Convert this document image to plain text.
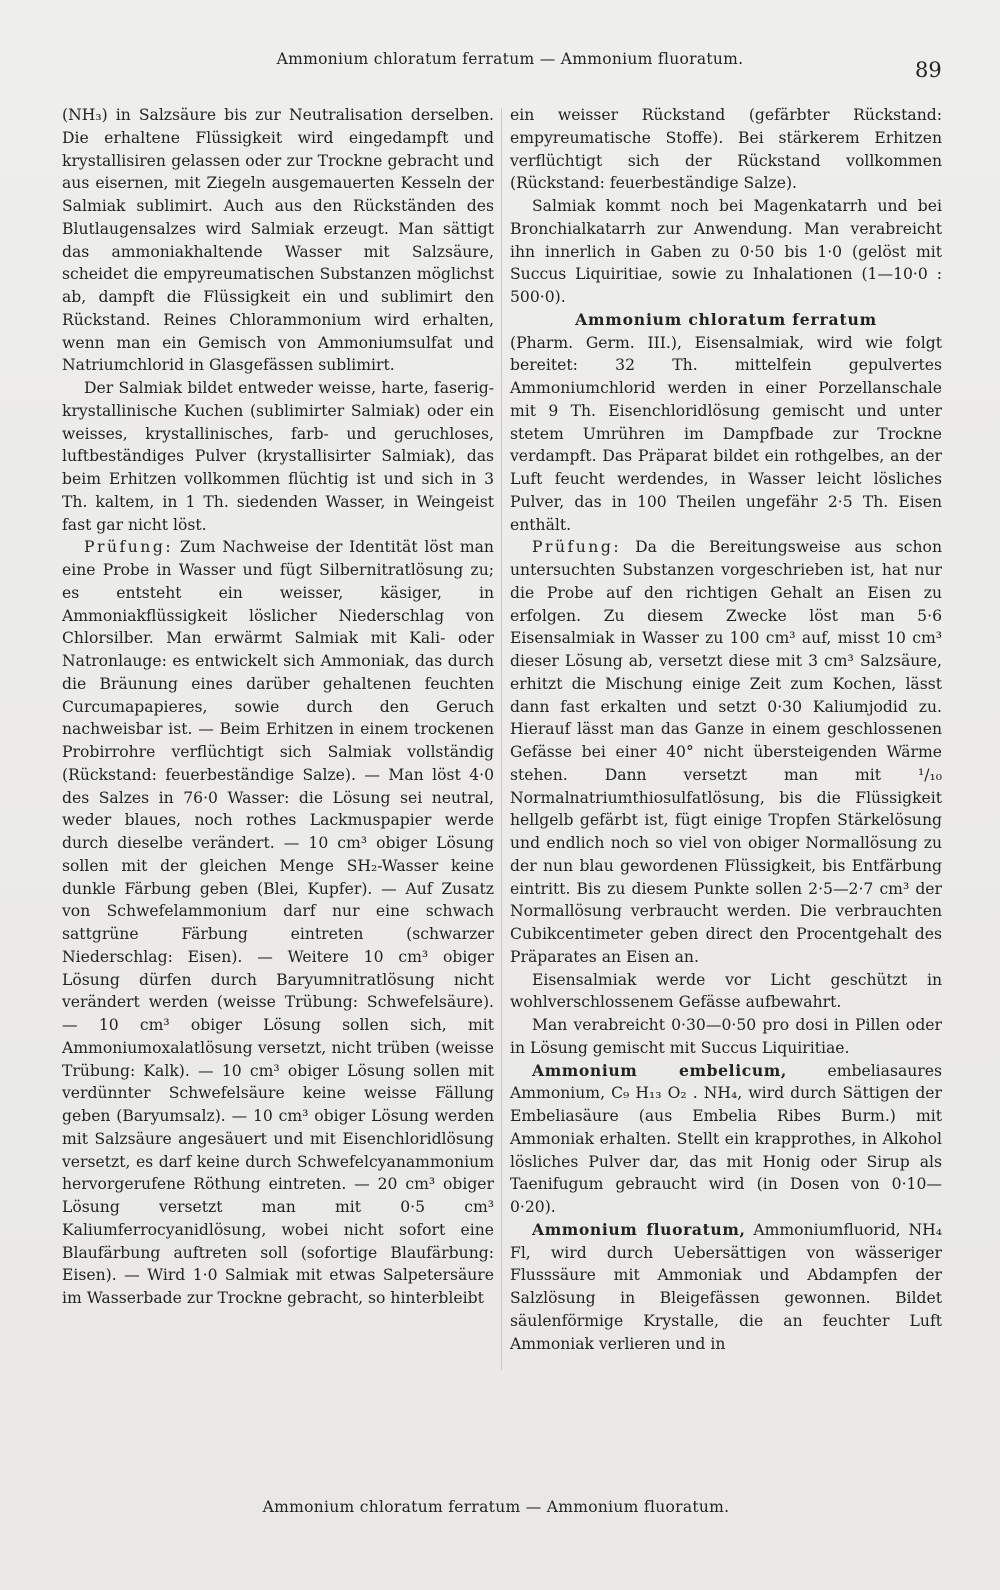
Ammonium chloratum ferratum — Ammonium fluoratum.	89

(NH₃) in Salzsäure bis zur Neutralisation derselben. Die erhaltene Flüssigkeit wird eingedampft und krystallisiren gelassen oder zur Trockne gebracht und aus eisernen, mit Ziegeln ausgemauerten Kesseln der Salmiak sublimirt. Auch aus den Rückständen des Blutlaugensalzes wird Salmiak erzeugt. Man sättigt das ammoniakhaltende Wasser mit Salzsäure, scheidet die empyreumatischen Substanzen möglichst ab, dampft die Flüssigkeit ein und sublimirt den Rückstand. Reines Chlorammonium wird erhalten, wenn man ein Gemisch von Ammoniumsulfat und Natriumchlorid in Glasgefässen sublimirt.

Der Salmiak bildet entweder weisse, harte, faserig-krystallinische Kuchen (sublimirter Salmiak) oder ein weisses, krystallinisches, farb- und geruchloses, luftbeständiges Pulver (krystallisirter Salmiak), das beim Erhitzen vollkommen flüchtig ist und sich in 3 Th. kaltem, in 1 Th. siedenden Wasser, in Weingeist fast gar nicht löst.

Prüfung: Zum Nachweise der Identität löst man eine Probe in Wasser und fügt Silbernitratlösung zu; es entsteht ein weisser, käsiger, in Ammoniakflüssigkeit löslicher Niederschlag von Chlorsilber. Man erwärmt Salmiak mit Kali- oder Natronlauge: es entwickelt sich Ammoniak, das durch die Bräunung eines darüber gehaltenen feuchten Curcumapapieres, sowie durch den Geruch nachweisbar ist. — Beim Erhitzen in einem trockenen Probirrohre verflüchtigt sich Salmiak vollständig (Rückstand: feuerbeständige Salze). — Man löst 4·0 des Salzes in 76·0 Wasser: die Lösung sei neutral, weder blaues, noch rothes Lackmuspapier werde durch dieselbe verändert. — 10 cm³ obiger Lösung sollen mit der gleichen Menge SH₂-Wasser keine dunkle Färbung geben (Blei, Kupfer). — Auf Zusatz von Schwefelammonium darf nur eine schwach sattgrüne Färbung eintreten (schwarzer Niederschlag: Eisen). — Weitere 10 cm³ obiger Lösung dürfen durch Baryumnitratlösung nicht verändert werden (weisse Trübung: Schwefelsäure). — 10 cm³ obiger Lösung sollen sich, mit Ammoniumoxalatlösung versetzt, nicht trüben (weisse Trübung: Kalk). — 10 cm³ obiger Lösung sollen mit verdünnter Schwefelsäure keine weisse Fällung geben (Baryumsalz). — 10 cm³ obiger Lösung werden mit Salzsäure angesäuert und mit Eisenchloridlösung versetzt, es darf keine durch Schwefelcyanammonium hervorgerufene Röthung eintreten. — 20 cm³ obiger Lösung versetzt man mit 0·5 cm³ Kaliumferrocyanidlösung, wobei nicht sofort eine Blaufärbung auftreten soll (sofortige Blaufärbung: Eisen). — Wird 1·0 Salmiak mit etwas Salpetersäure im Wasserbade zur Trockne gebracht, so hinterbleibt

ein weisser Rückstand (gefärbter Rückstand: empyreumatische Stoffe). Bei stärkerem Erhitzen verflüchtigt sich der Rückstand vollkommen (Rückstand: feuerbeständige Salze).

Salmiak kommt noch bei Magenkatarrh und bei Bronchialkatarrh zur Anwendung. Man verabreicht ihn innerlich in Gaben zu 0·50 bis 1·0 (gelöst mit Succus Liquiritiae, sowie zu Inhalationen (1—10·0 : 500·0).

Ammonium chloratum ferratum

(Pharm. Germ. III.), Eisensalmiak, wird wie folgt bereitet: 32 Th. mittelfein gepulvertes Ammoniumchlorid werden in einer Porzellanschale mit 9 Th. Eisenchloridlösung gemischt und unter stetem Umrühren im Dampfbade zur Trockne verdampft. Das Präparat bildet ein rothgelbes, an der Luft feucht werdendes, in Wasser leicht lösliches Pulver, das in 100 Theilen ungefähr 2·5 Th. Eisen enthält.

Prüfung: Da die Bereitungsweise aus schon untersuchten Substanzen vorgeschrieben ist, hat nur die Probe auf den richtigen Gehalt an Eisen zu erfolgen. Zu diesem Zwecke löst man 5·6 Eisensalmiak in Wasser zu 100 cm³ auf, misst 10 cm³ dieser Lösung ab, versetzt diese mit 3 cm³ Salzsäure, erhitzt die Mischung einige Zeit zum Kochen, lässt dann fast erkalten und setzt 0·30 Kaliumjodid zu. Hierauf lässt man das Ganze in einem geschlossenen Gefässe bei einer 40° nicht übersteigenden Wärme stehen. Dann versetzt man mit ¹/₁₀ Normalnatriumthiosulfatlösung, bis die Flüssigkeit hellgelb gefärbt ist, fügt einige Tropfen Stärkelösung und endlich noch so viel von obiger Normallösung zu der nun blau gewordenen Flüssigkeit, bis Entfärbung eintritt. Bis zu diesem Punkte sollen 2·5—2·7 cm³ der Normallösung verbraucht werden. Die verbrauchten Cubikcentimeter geben direct den Procentgehalt des Präparates an Eisen an.

Eisensalmiak werde vor Licht geschützt in wohlverschlossenem Gefässe aufbewahrt.

Man verabreicht 0·30—0·50 pro dosi in Pillen oder in Lösung gemischt mit Succus Liquiritiae.

Ammonium embelicum,	embeliasaures Ammonium, C₉ H₁₃ O₂ . NH₄, wird durch Sättigen der Embeliasäure (aus Embelia Ribes Burm.) mit Ammoniak erhalten. Stellt ein krapprothes, in Alkohol lösliches Pulver dar, das mit Honig oder Sirup als Taenifugum gebraucht wird (in Dosen von 0·10—0·20).

Ammonium fluoratum, Ammoniumfluorid, NH₄ Fl, wird durch Uebersättigen von wässeriger Flusssäure mit Ammoniak und Abdampfen der Salzlösung in Bleigefässen gewonnen. Bildet säulenförmige Krystalle, die an feuchter Luft Ammoniak verlieren und in

Ammonium chloratum ferratum — Ammonium fluoratum.
